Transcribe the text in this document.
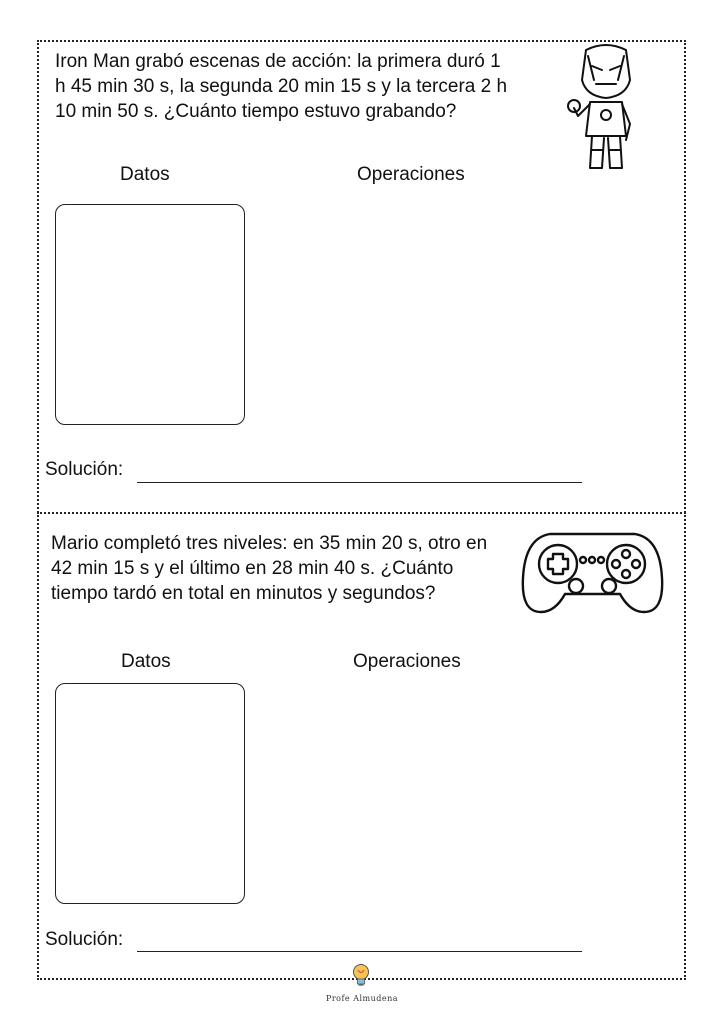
Iron Man grabó escenas de acción: la primera duró 1 h 45 min 30 s, la segunda 20 min 15 s y la tercera 2 h 10 min 50 s. ¿Cuánto tiempo estuvo grabando?
Datos	Operaciones
Solución:
Mario completó tres niveles: en 35 min 20 s, otro en 42 min 15 s y el último en 28 min 40 s. ¿Cuánto tiempo tardó en total en minutos y segundos?
Datos	Operaciones
Solución:
Profe Almudena
